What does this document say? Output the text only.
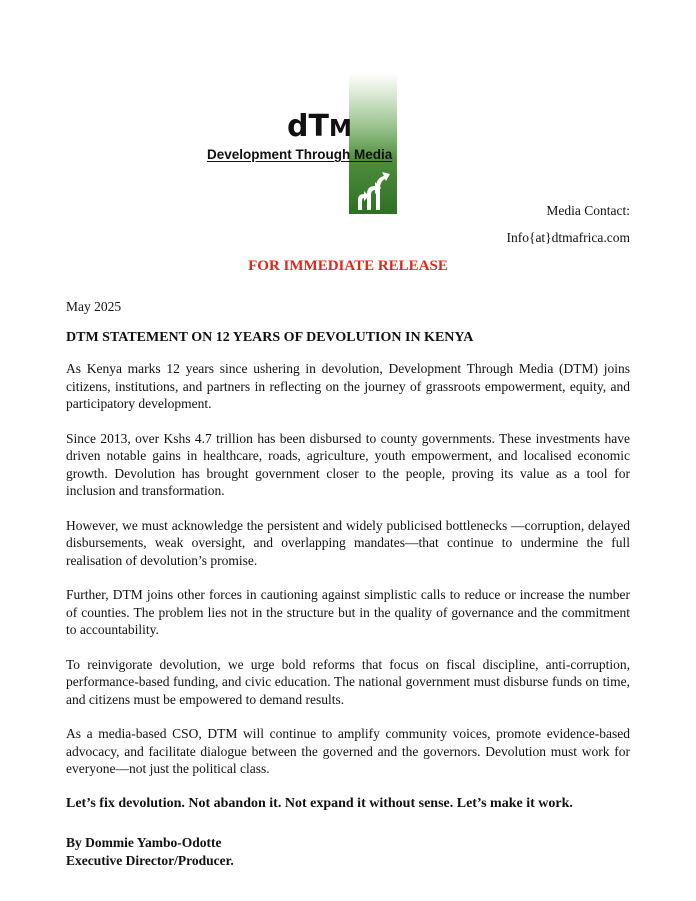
dTM
Development Through Media
Media Contact:
Info{at}dtmafrica.com
FOR IMMEDIATE RELEASE

May 2025

DTM STATEMENT ON 12 YEARS OF DEVOLUTION IN KENYA

As Kenya marks 12 years since ushering in devolution, Development Through Media (DTM) joins citizens, institutions, and partners in reflecting on the journey of grassroots empowerment, equity, and participatory development.

Since 2013, over Kshs 4.7 trillion has been disbursed to county governments. These investments have driven notable gains in healthcare, roads, agriculture, youth empowerment, and localised economic growth. Devolution has brought government closer to the people, proving its value as a tool for inclusion and transformation.

However, we must acknowledge the persistent and widely publicised bottlenecks —corruption, delayed disbursements, weak oversight, and overlapping mandates—that continue to undermine the full realisation of devolution’s promise.

Further, DTM joins other forces in cautioning against simplistic calls to reduce or increase the number of counties. The problem lies not in the structure but in the quality of governance and the commitment to accountability.

To reinvigorate devolution, we urge bold reforms that focus on fiscal discipline, anti-corruption, performance-based funding, and civic education. The national government must disburse funds on time, and citizens must be empowered to demand results.

As a media-based CSO, DTM will continue to amplify community voices, promote evidence-based advocacy, and facilitate dialogue between the governed and the governors. Devolution must work for everyone—not just the political class.

Let’s fix devolution. Not abandon it. Not expand it without sense. Let’s make it work.

By Dommie Yambo-Odotte
Executive Director/Producer.
